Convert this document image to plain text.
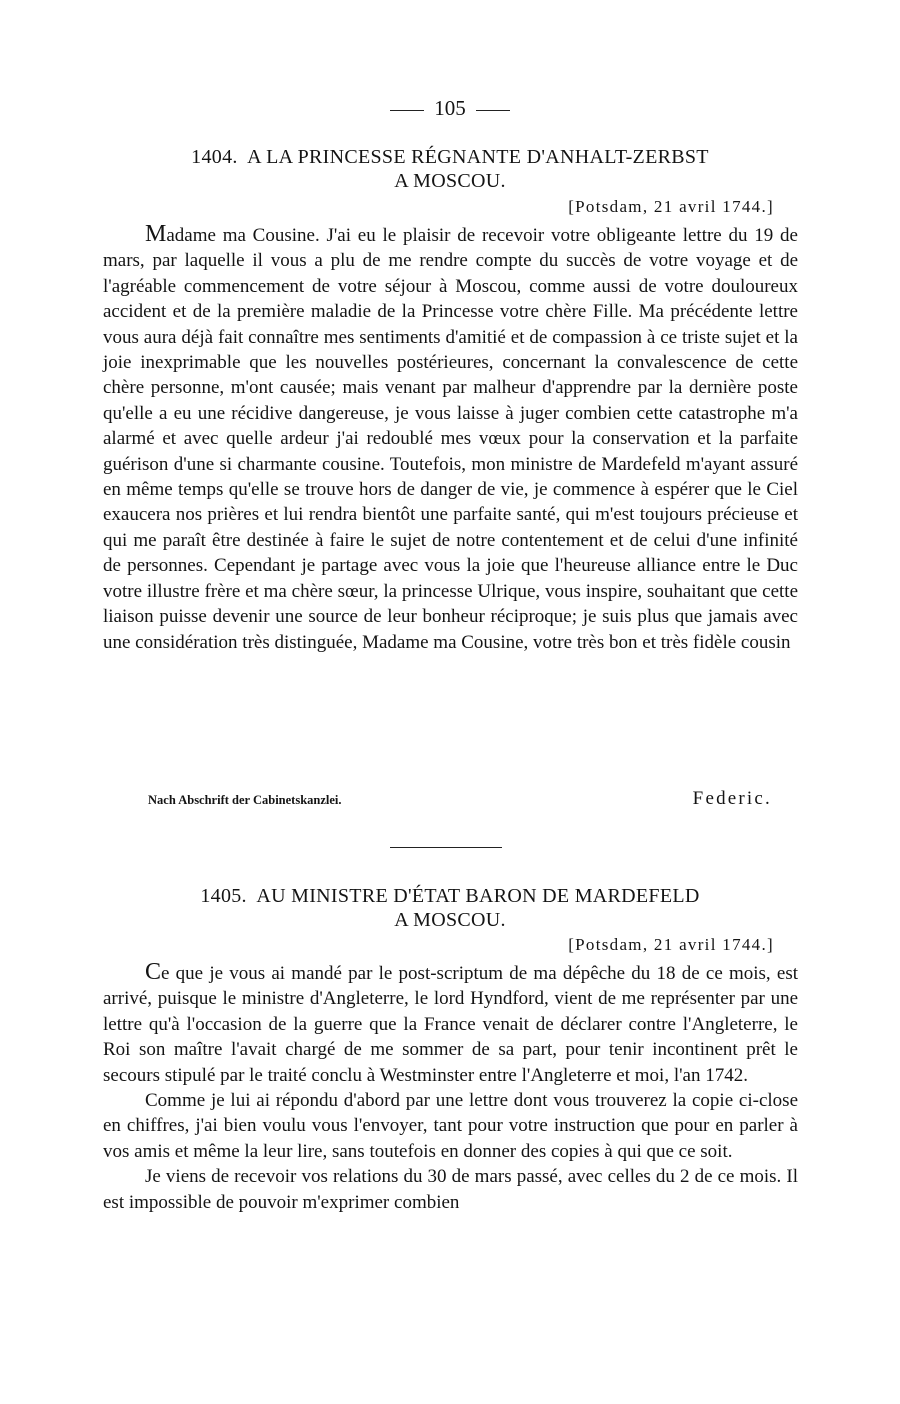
105
1404. A LA PRINCESSE RÉGNANTE D'ANHALT-ZERBST
A MOSCOU.
[Potsdam, 21 avril 1744.]

Madame ma Cousine. J'ai eu le plaisir de recevoir votre obligeante lettre du 19 de mars, par laquelle il vous a plu de me rendre compte du succès de votre voyage et de l'agréable commencement de votre séjour à Moscou, comme aussi de votre douloureux accident et de la première maladie de la Princesse votre chère Fille. Ma précédente lettre vous aura déjà fait connaître mes sentiments d'amitié et de compassion à ce triste sujet et la joie inexprimable que les nouvelles postérieures, concernant la convalescence de cette chère personne, m'ont causée; mais venant par malheur d'apprendre par la dernière poste qu'elle a eu une récidive dangereuse, je vous laisse à juger combien cette catastrophe m'a alarmé et avec quelle ardeur j'ai redoublé mes vœux pour la conservation et la parfaite guérison d'une si charmante cousine. Toutefois, mon ministre de Mardefeld m'ayant assuré en même temps qu'elle se trouve hors de danger de vie, je commence à espérer que le Ciel exaucera nos prières et lui rendra bientôt une parfaite santé, qui m'est toujours précieuse et qui me paraît être destinée à faire le sujet de notre contentement et de celui d'une infinité de personnes. Cependant je partage avec vous la joie que l'heureuse alliance entre le Duc votre illustre frère et ma chère sœur, la princesse Ulrique, vous inspire, souhaitant que cette liaison puisse devenir une source de leur bonheur réciproque; je suis plus que jamais avec une considération très distinguée, Madame ma Cousine, votre très bon et très fidèle cousin

Nach Abschrift der Cabinetskanzlei.	Federic.
1405. AU MINISTRE D'ÉTAT BARON DE MARDEFELD
A MOSCOU.
[Potsdam, 21 avril 1744.]

Ce que je vous ai mandé par le post-scriptum de ma dépêche du 18 de ce mois, est arrivé, puisque le ministre d'Angleterre, le lord Hyndford, vient de me représenter par une lettre qu'à l'occasion de la guerre que la France venait de déclarer contre l'Angleterre, le Roi son maître l'avait chargé de me sommer de sa part, pour tenir incontinent prêt le secours stipulé par le traité conclu à Westminster entre l'Angleterre et moi, l'an 1742.

Comme je lui ai répondu d'abord par une lettre dont vous trouverez la copie ci-close en chiffres, j'ai bien voulu vous l'envoyer, tant pour votre instruction que pour en parler à vos amis et même la leur lire, sans toutefois en donner des copies à qui que ce soit.

Je viens de recevoir vos relations du 30 de mars passé, avec celles du 2 de ce mois. Il est impossible de pouvoir m'exprimer combien
